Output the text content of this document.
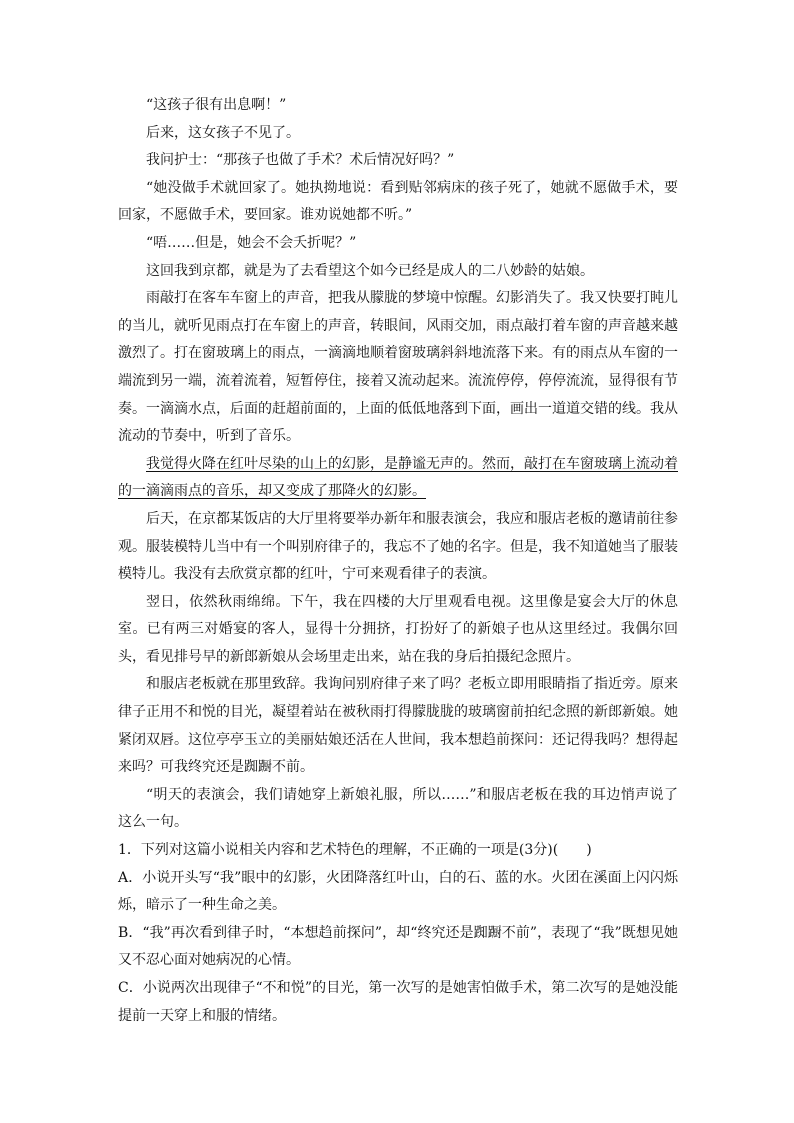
“这孩子很有出息啊！”

后来，这女孩子不见了。

我问护士：“那孩子也做了手术？术后情况好吗？”

“她没做手术就回家了。她执拗地说：看到贴邻病床的孩子死了，她就不愿做手术，要回家，不愿做手术，要回家。谁劝说她都不听。”

“唔……但是，她会不会夭折呢？”

这回我到京都，就是为了去看望这个如今已经是成人的二八妙龄的姑娘。

雨敲打在客车车窗上的声音，把我从朦胧的梦境中惊醒。幻影消失了。我又快要打盹儿的当儿，就听见雨点打在车窗上的声音，转眼间，风雨交加，雨点敲打着车窗的声音越来越激烈了。打在窗玻璃上的雨点，一滴滴地顺着窗玻璃斜斜地流落下来。有的雨点从车窗的一端流到另一端，流着流着，短暂停住，接着又流动起来。流流停停，停停流流，显得很有节奏。一滴滴水点，后面的赶超前面的，上面的低低地落到下面，画出一道道交错的线。我从流动的节奏中，听到了音乐。

我觉得火降在红叶尽染的山上的幻影，是静谧无声的。然而，敲打在车窗玻璃上流动着的一滴滴雨点的音乐，却又变成了那降火的幻影。

后天，在京都某饭店的大厅里将要举办新年和服表演会，我应和服店老板的邀请前往参观。服装模特儿当中有一个叫别府律子的，我忘不了她的名字。但是，我不知道她当了服装模特儿。我没有去欣赏京都的红叶，宁可来观看律子的表演。

翌日，依然秋雨绵绵。下午，我在四楼的大厅里观看电视。这里像是宴会大厅的休息室。已有两三对婚宴的客人，显得十分拥挤，打扮好了的新娘子也从这里经过。我偶尔回头，看见排号早的新郎新娘从会场里走出来，站在我的身后拍摄纪念照片。

和服店老板就在那里致辞。我询问别府律子来了吗？老板立即用眼睛指了指近旁。原来律子正用不和悦的目光，凝望着站在被秋雨打得朦胧胧的玻璃窗前拍纪念照的新郎新娘。她紧闭双唇。这位亭亭玉立的美丽姑娘还活在人世间，我本想趋前探问：还记得我吗？想得起来吗？可我终究还是踟蹰不前。

“明天的表演会，我们请她穿上新娘礼服，所以……”和服店老板在我的耳边悄声说了这么一句。

1．下列对这篇小说相关内容和艺术特色的理解，不正确的一项是(3分)(　　)

A．小说开头写“我”眼中的幻影，火团降落红叶山，白的石、蓝的水。火团在溪面上闪闪烁烁，暗示了一种生命之美。

B．“我”再次看到律子时，“本想趋前探问”，却“终究还是踟蹰不前”，表现了“我”既想见她又不忍心面对她病况的心情。

C．小说两次出现律子“不和悦”的目光，第一次写的是她害怕做手术，第二次写的是她没能提前一天穿上和服的情绪。
